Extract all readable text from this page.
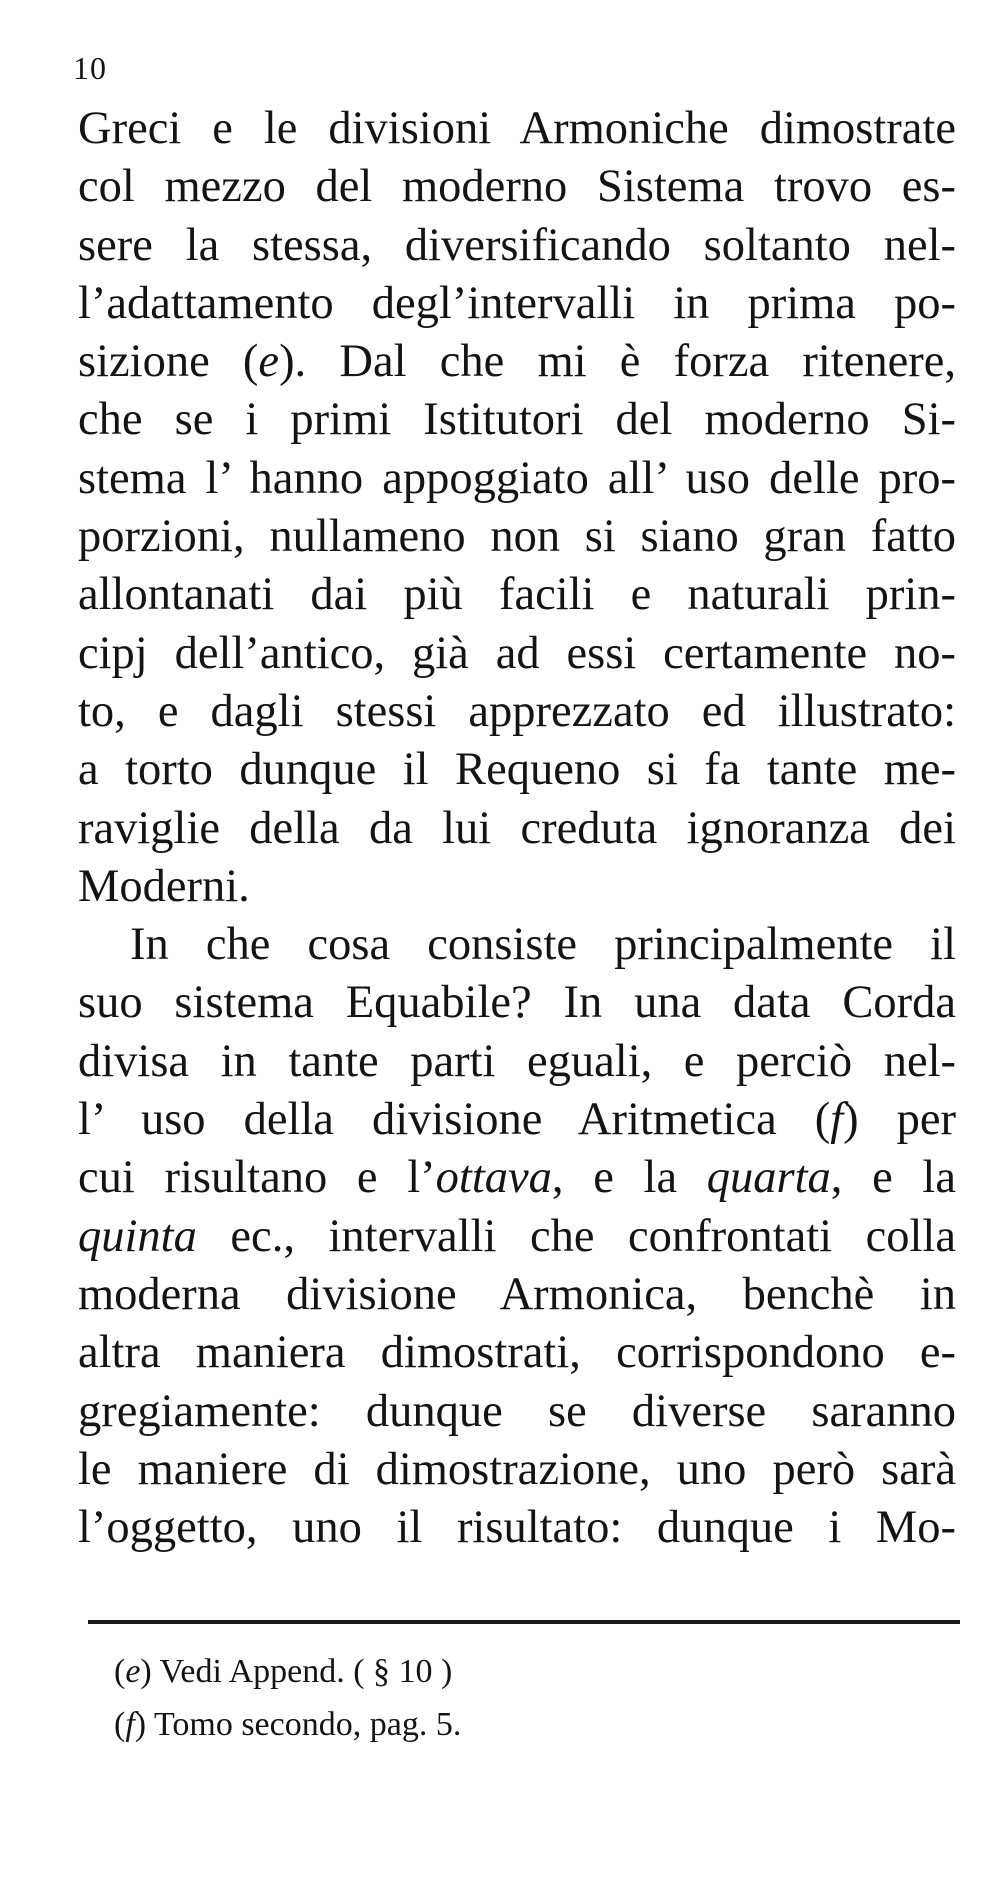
10
Greci e le divisioni Armoniche dimostrate
col mezzo del moderno Sistema trovo es-
sere la stessa, diversificando soltanto nel-
l’adattamento degl’intervalli in prima po-
sizione (e). Dal che mi è forza ritenere,
che se i primi Istitutori del moderno Si-
stema l’ hanno appoggiato all’ uso delle pro-
porzioni, nullameno non si siano gran fatto
allontanati dai più facili e naturali prin-
cipj dell’antico, già ad essi certamente no-
to, e dagli stessi apprezzato ed illustrato:
a torto dunque il Requeno si fa tante me-
raviglie della da lui creduta ignoranza dei
Moderni.
In che cosa consiste principalmente il
suo sistema Equabile? In una data Corda
divisa in tante parti eguali, e perciò nel-
l’ uso della divisione Aritmetica (f) per
cui risultano e l’ottava, e la quarta, e la
quinta ec., intervalli che confrontati colla
moderna divisione Armonica, benchè in
altra maniera dimostrati, corrispondono e-
gregiamente: dunque se diverse saranno
le maniere di dimostrazione, uno però sarà
l’oggetto, uno il risultato: dunque i Mo-
(e) Vedi Append. ( § 10 )
(f) Tomo secondo, pag. 5.
